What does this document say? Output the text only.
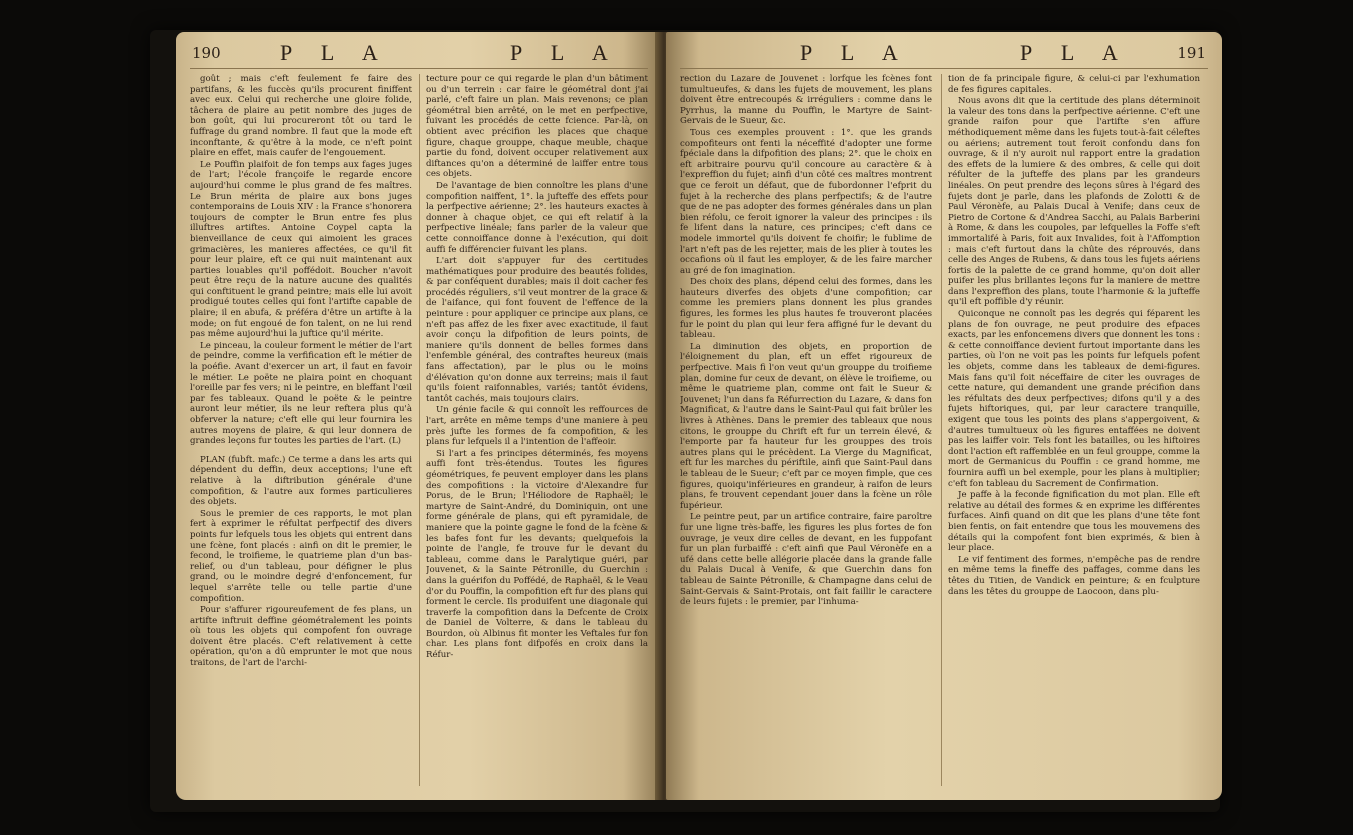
190	P L A	P L A

goût ; mais c'eft feulement fe faire des partifans, & les fuccès qu'ils procurent finiffent avec eux. Celui qui recherche une gloire folide, tâchera de plaire au petit nombre des juges de bon goût, qui lui procureront tôt ou tard le fuffrage du grand nombre. Il faut que la mode eft inconftante, & qu'être à la mode, ce n'eft point plaire en effet, mais caufer de l'engouement.

Le Pouffin plaifoit de fon temps aux fages juges de l'art; l'école françoife le regarde encore aujourd'hui comme le plus grand de fes maîtres. Le Brun mérita de plaire aux bons juges contemporains de Louis XIV : la France s'honorera toujours de compter le Brun entre fes plus illuftres artiftes. Antoine Coypel capta la bienveillance de ceux qui aimoient les graces grimacières, les manieres affectées, ce qu'il fit pour leur plaire, eft ce qui nuit maintenant aux parties louables qu'il poffédoit. Boucher n'avoit peut être reçu de la nature aucune des qualités qui conftituent le grand peintre; mais elle lui avoit prodigué toutes celles qui font l'artifte capable de plaire; il en abufa, & préféra d'être un artifte à la mode; on fut engoué de fon talent, on ne lui rend pas même aujourd'hui la juftice qu'il mérite.

Le pinceau, la couleur forment le métier de l'art de peindre, comme la verfification eft le métier de la poéfie. Avant d'exercer un art, il faut en favoir le métier. Le poëte ne plaira point en choquant l'oreille par fes vers; ni le peintre, en bleffant l'œil par fes tableaux. Quand le poëte & le peintre auront leur métier, ils ne leur reftera plus qu'à obferver la nature; c'eft elle qui leur fournira les autres moyens de plaire, & qui leur donnera de grandes leçons fur toutes les parties de l'art. (L)

PLAN (fubft. mafc.) Ce terme a dans les arts qui dépendent du deffin, deux acceptions; l'une eft relative à la diftribution générale d'une compofition, & l'autre aux formes particulieres des objets.

Sous le premier de ces rapports, le mot plan fert à exprimer le réfultat perfpectif des divers points fur lefquels tous les objets qui entrent dans une fcène, font placés : ainfi on dit le premier, le fecond, le troifieme, le quatrieme plan d'un bas-relief, ou d'un tableau, pour défigner le plus grand, ou le moindre degré d'enfoncement, fur lequel s'arrête telle ou telle partie d'une compofition.

Pour s'affurer rigoureufement de fes plans, un artifte inftruit deffine géométralement les points où tous les objets qui compofent fon ouvrage doivent être placés. C'eft relativement à cette opération, qu'on a dû emprunter le mot que nous traitons, de l'art de l'archi-

tecture pour ce qui regarde le plan d'un bâtiment ou d'un terrein : car faire le géométral dont j'ai parlé, c'eft faire un plan. Mais revenons; ce plan géométral bien arrêté, on le met en perfpective, fuivant les procédés de cette fcience. Par-là, on obtient avec précifion les places que chaque figure, chaque grouppe, chaque meuble, chaque partie du fond, doivent occuper relativement aux diftances qu'on a déterminé de laiffer entre tous ces objets.

De l'avantage de bien connoître les plans d'une compofition naiffent, 1°. la jufteffe des effets pour la perfpective aérienne; 2°. les hauteurs exactes à donner à chaque objet, ce qui eft relatif à la perfpective linéale; fans parler de la valeur que cette connoiffance donne à l'exécution, qui doit auffi fe différencier fuivant les plans.

L'art doit s'appuyer fur des certitudes mathématiques pour produire des beautés folides, & par conféquent durables; mais il doit cacher fes procédés réguliers, s'il veut montrer de la grace & de l'aifance, qui font fouvent de l'effence de la peinture : pour appliquer ce principe aux plans, ce n'eft pas affez de les fixer avec exactitude, il faut avoir conçu la difpofition de leurs points, de maniere qu'ils donnent de belles formes dans l'enfemble général, des contraftes heureux (mais fans affectation), par le plus ou le moins d'élévation qu'on donne aux terreins; mais il faut qu'ils foient raifonnables, variés; tantôt évidens, tantôt cachés, mais toujours clairs.

Un génie facile & qui connoît les reffources de l'art, arrête en même temps d'une maniere à peu près jufte les formes de fa compofition, & les plans fur lefquels il a l'intention de l'affeoir.

Si l'art a fes principes déterminés, fes moyens auffi font très-étendus. Toutes les figures géométriques, fe peuvent employer dans les plans des compofitions : la victoire d'Alexandre fur Porus, de le Brun; l'Héliodore de Raphaël; le martyre de Saint-André, du Dominiquin, ont une forme générale de plans, qui eft pyramidale, de maniere que la pointe gagne le fond de la fcène & les bafes font fur les devants; quelquefois la pointe de l'angle, fe trouve fur le devant du tableau, comme dans le Paralytique guéri, par Jouvenet, & la Sainte Pétronille, du Guerchin : dans la guérifon du Poffédé, de Raphaël, & le Veau d'or du Pouffin, la compofition eft fur des plans qui forment le cercle. Ils produifent une diagonale qui traverfe la compofition dans la Defcente de Croix de Daniel de Volterre, & dans le tableau du Bourdon, où Albinus fit monter les Veftales fur fon char. Les plans font difpofés en croix dans la Réfur-

P L A	P L A	191

rection du Lazare de Jouvenet : lorfque les fcènes font tumultueufes, & dans les fujets de mouvement, les plans doivent être entrecoupés & irréguliers : comme dans le Pyrrhus, la manne du Pouffin, le Martyre de Saint-Gervais de le Sueur, &c.

Tous ces exemples prouvent : 1°. que les grands compofiteurs ont fenti la néceffité d'adopter une forme fpéciale dans la difpofition des plans; 2°. que le choix en eft arbitraire pourvu qu'il concoure au caractère & à l'expreffion du fujet; ainfi d'un côté ces maîtres montrent que ce feroit un défaut, que de fubordonner l'efprit du fujet à la recherche des plans perfpectifs; & de l'autre que de ne pas adopter des formes générales dans un plan bien réfolu, ce feroit ignorer la valeur des principes : ils fe lifent dans la nature, ces principes; c'eft dans ce modele immortel qu'ils doivent fe choifir; le fublime de l'art n'eft pas de les rejetter, mais de les plier à toutes les occafions où il faut les employer, & de les faire marcher au gré de fon imagination.

Des choix des plans, dépend celui des formes, dans les hauteurs diverfes des objets d'une compofition; car comme les premiers plans donnent les plus grandes figures, les formes les plus hautes fe trouveront placées fur le point du plan qui leur fera affigné fur le devant du tableau.

La diminution des objets, en proportion de l'éloignement du plan, eft un effet rigoureux de perfpective. Mais fi l'on veut qu'un grouppe du troifieme plan, domine fur ceux de devant, on élève le troifieme, ou même le quatrieme plan, comme ont fait le Sueur & Jouvenet; l'un dans fa Réfurrection du Lazare, & dans fon Magnificat, & l'autre dans le Saint-Paul qui fait brûler les livres à Athènes. Dans le premier des tableaux que nous citons, le grouppe du Chrift eft fur un terrein élevé, & l'emporte par fa hauteur fur les grouppes des trois autres plans qui le précèdent. La Vierge du Magnificat, eft fur les marches du périftile, ainfi que Saint-Paul dans le tableau de le Sueur; c'eft par ce moyen fimple, que ces figures, quoiqu'inférieures en grandeur, à raifon de leurs plans, fe trouvent cependant jouer dans la fcène un rôle fupérieur.

Le peintre peut, par un artifice contraire, faire paroître fur une ligne très-baffe, les figures les plus fortes de fon ouvrage, je veux dire celles de devant, en les fuppofant fur un plan furbaiffé : c'eft ainfi que Paul Véronèfe en a ufé dans cette belle allégorie placée dans la grande falle du Palais Ducal à Venife, & que Guerchin dans fon tableau de Sainte Pétronille, & Champagne dans celui de Saint-Gervais & Saint-Protais, ont fait faillir le caractere de leurs fujets : le premier, par l'inhuma-

tion de fa principale figure, & celui-ci par l'exhumation de fes figures capitales.

Nous avons dit que la certitude des plans déterminoit la valeur des tons dans la perfpective aérienne. C'eft une grande raifon pour que l'artifte s'en affure méthodiquement même dans les fujets tout-à-fait céleftes ou aériens; autrement tout feroit confondu dans fon ouvrage, & il n'y auroit nul rapport entre la gradation des effets de la lumiere & des ombres, & celle qui doit réfulter de la jufteffe des plans par les grandeurs linéales. On peut prendre des leçons sûres à l'égard des fujets dont je parle, dans les plafonds de Zolotti & de Paul Véronèfe, au Palais Ducal à Venife; dans ceux de Pietro de Cortone & d'Andrea Sacchi, au Palais Barberini à Rome, & dans les coupoles, par lefquelles la Foffe s'eft immortalifé à Paris, foit aux Invalides, foit à l'Affomption : mais c'eft furtout dans la chûte des réprouvés, dans celle des Anges de Rubens, & dans tous les fujets aériens fortis de la palette de ce grand homme, qu'on doit aller puifer les plus brillantes leçons fur la maniere de mettre dans l'expreffion des plans, toute l'harmonie & la jufteffe qu'il eft poffible d'y réunir.

Quiconque ne connoît pas les degrés qui féparent les plans de fon ouvrage, ne peut produire des efpaces exacts, par les enfoncemens divers que donnent les tons : & cette connoiffance devient furtout importante dans les parties, où l'on ne voit pas les points fur lefquels pofent les objets, comme dans les tableaux de demi-figures. Mais fans qu'il foit néceffaire de citer les ouvrages de cette nature, qui demandent une grande précifion dans les réfultats des deux perfpectives; difons qu'il y a des fujets hiftoriques, qui, par leur caractere tranquille, exigent que tous les points des plans s'appergoivent, & d'autres tumultueux où les figures entaffées ne doivent pas les laiffer voir. Tels font les batailles, ou les hiftoires dont l'action eft raffemblée en un feul grouppe, comme la mort de Germanicus du Pouffin : ce grand homme, me fournira auffi un bel exemple, pour les plans à multiplier; c'eft fon tableau du Sacrement de Confirmation.

Je paffe à la feconde fignification du mot plan. Elle eft relative au détail des formes & en exprime les différentes furfaces. Ainfi quand on dit que les plans d'une tête font bien fentis, on fait entendre que tous les mouvemens des détails qui la compofent font bien exprimés, & bien à leur place.

Le vif fentiment des formes, n'empêche pas de rendre en même tems la fineffe des paffages, comme dans les têtes du Titien, de Vandick en peinture; & en fculpture dans les têtes du grouppe de Laocoon, dans plu-
